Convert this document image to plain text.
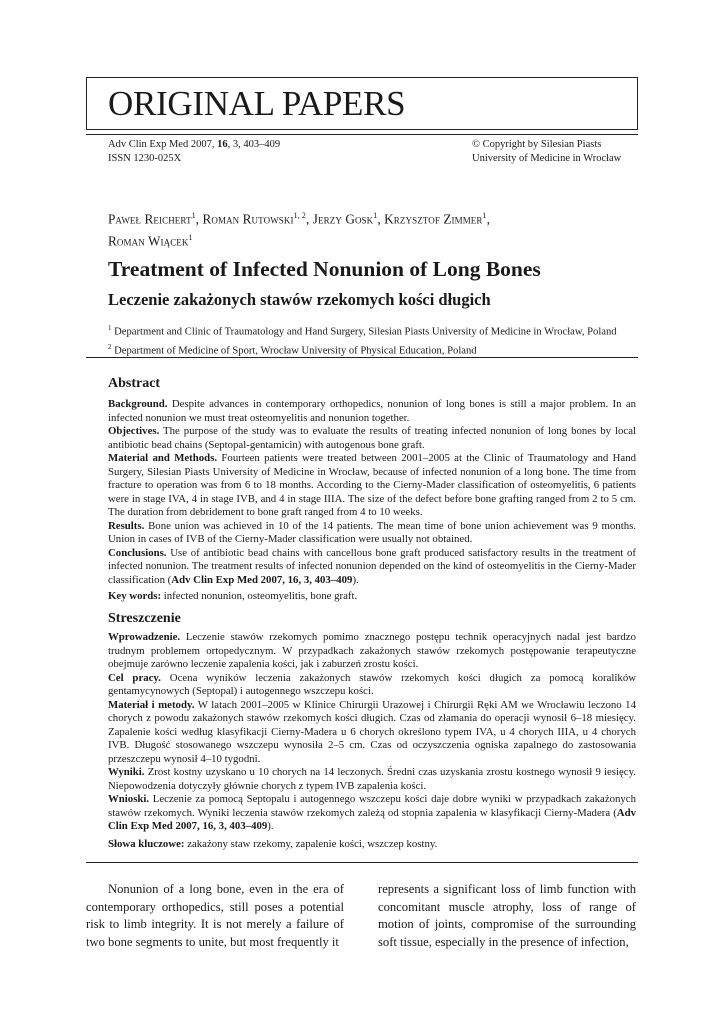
ORIGINAL PAPERS
Adv Clin Exp Med 2007, 16, 3, 403–409
ISSN 1230-025X
© Copyright by Silesian Piasts
University of Medicine in Wrocław
Paweł Reichert$^1$, Roman Rutowski$^{1, 2}$, Jerzy Gosk$^1$, Krzysztof Zimmer$^1$,
Roman Wiącek$^1$
Treatment of Infected Nonunion of Long Bones
Leczenie zakażonych stawów rzekomych kości długich
$^1$ Department and Clinic of Traumatology and Hand Surgery, Silesian Piasts University of Medicine in Wrocław, Poland
$^2$ Department of Medicine of Sport, Wrocław University of Physical Education, Poland
Abstract

Background. Despite advances in contemporary orthopedics, nonunion of long bones is still a major problem. In an infected nonunion we must treat osteomyelitis and nonunion together.

Objectives. The purpose of the study was to evaluate the results of treating infected nonunion of long bones by local antibiotic bead chains (Septopal-gentamicin) with autogenous bone graft.

Material and Methods. Fourteen patients were treated between 2001–2005 at the Clinic of Traumatology and Hand Surgery, Silesian Piasts University of Medicine in Wrocław, because of infected nonunion of a long bone. The time from fracture to operation was from 6 to 18 months. According to the Cierny-Mader classification of osteomyelitis, 6 patients were in stage IVA, 4 in stage IVB, and 4 in stage IIIA. The size of the defect before bone grafting ranged from 2 to 5 cm. The duration from debridement to bone graft ranged from 4 to 10 weeks.

Results. Bone union was achieved in 10 of the 14 patients. The mean time of bone union achievement was 9 months. Union in cases of IVB of the Cierny-Mader classification were usually not obtained.

Conclusions. Use of antibiotic bead chains with cancellous bone graft produced satisfactory results in the treatment of infected nonunion. The treatment results of infected nonunion depended on the kind of osteomyelitis in the Cierny-Mader classification (Adv Clin Exp Med 2007, 16, 3, 403–409).

Key words: infected nonunion, osteomyelitis, bone graft.
Streszczenie

Wprowadzenie. Leczenie stawów rzekomych pomimo znacznego postępu technik operacyjnych nadal jest bardzo trudnym problemem ortopedycznym. W przypadkach zakażonych stawów rzekomych postępowanie terapeutyczne obejmuje zarówno leczenie zapalenia kości, jak i zaburzeń zrostu kości.

Cel pracy. Ocena wyników leczenia zakażonych stawów rzekomych kości długich za pomocą koralików gentamycynowych (Septopal) i autogennego wszczepu kości.

Materiał i metody. W latach 2001–2005 w Klinice Chirurgii Urazowej i Chirurgii Ręki AM we Wrocławiu leczono 14 chorych z powodu zakażonych stawów rzekomych kości długich. Czas od złamania do operacji wynosił 6–18 miesięcy. Zapalenie kości według klasyfikacji Cierny-Madera u 6 chorych określono typem IVA, u 4 chorych IIIA, u 4 chorych IVB. Długość stosowanego wszczepu wynosiła 2–5 cm. Czas od oczyszczenia ogniska zapalnego do zastosowania przeszczepu wynosił 4–10 tygodni.

Wyniki. Zrost kostny uzyskano u 10 chorych na 14 leczonych. Średni czas uzyskania zrostu kostnego wynosił 9 iesięcy. Niepowodzenia dotyczyły głównie chorych z typem IVB zapalenia kości.

Wnioski. Leczenie za pomocą Septopalu i autogennego wszczepu kości daje dobre wyniki w przypadkach zakażonych stawów rzekomych. Wyniki leczenia stawów rzekomych zależą od stopnia zapalenia w klasyfikacji Cierny-Madera (Adv Clin Exp Med 2007, 16, 3, 403–409).

Słowa kluczowe: zakażony staw rzekomy, zapalenie kości, wszczep kostny.
Nonunion of a long bone, even in the era of contemporary orthopedics, still poses a potential risk to limb integrity. It is not merely a failure of two bone segments to unite, but most frequently it
represents a significant loss of limb function with concomitant muscle atrophy, loss of range of motion of joints, compromise of the surrounding soft tissue, especially in the presence of infection,
